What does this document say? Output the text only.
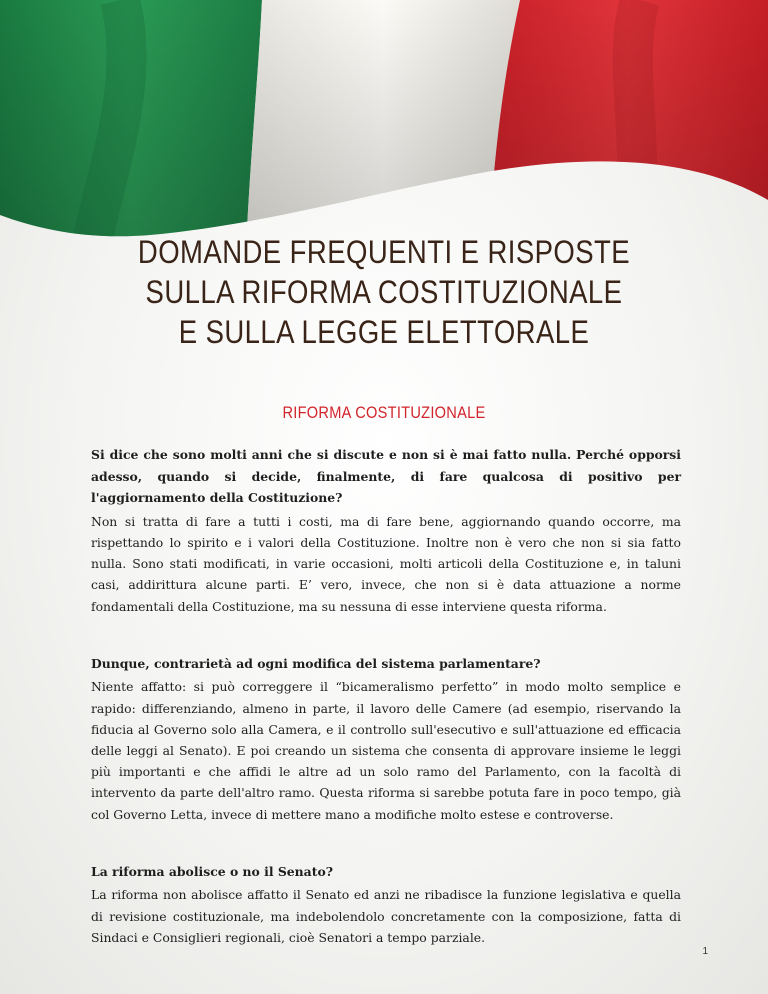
DOMANDE FREQUENTI E RISPOSTE
SULLA RIFORMA COSTITUZIONALE
E SULLA LEGGE ELETTORALE
RIFORMA COSTITUZIONALE

Si dice che sono molti anni che si discute e non si è mai fatto nulla. Perché opporsi adesso, quando si decide, finalmente, di fare qualcosa di positivo per l'aggiornamento della Costituzione?

Non si tratta di fare a tutti i costi, ma di fare bene, aggiornando quando occorre, ma rispettando lo spirito e i valori della Costituzione. Inoltre non è vero che non si sia fatto nulla. Sono stati modificati, in varie occasioni, molti articoli della Costituzione e, in taluni casi, addirittura alcune parti. E’ vero, invece, che non si è data attuazione a norme fondamentali della Costituzione, ma su nessuna di esse interviene questa riforma.

Dunque, contrarietà ad ogni modifica del sistema parlamentare?

Niente affatto: si può correggere il “bicameralismo perfetto” in modo molto semplice e rapido: differenziando, almeno in parte, il lavoro delle Camere (ad esempio, riservando la fiducia al Governo solo alla Camera, e il controllo sull'esecutivo e sull'attuazione ed efficacia delle leggi al Senato). E poi creando un sistema che consenta di approvare insieme le leggi più importanti e che affidi le altre ad un solo ramo del Parlamento, con la facoltà di intervento da parte dell'altro ramo. Questa riforma si sarebbe potuta fare in poco tempo, già col Governo Letta, invece di mettere mano a modifiche molto estese e controverse.

La riforma abolisce o no il Senato?

La riforma non abolisce affatto il Senato ed anzi ne ribadisce la funzione legislativa e quella di revisione costituzionale, ma indebolendolo concretamente con la composizione, fatta di Sindaci e Consiglieri regionali, cioè Senatori a tempo parziale.

1
